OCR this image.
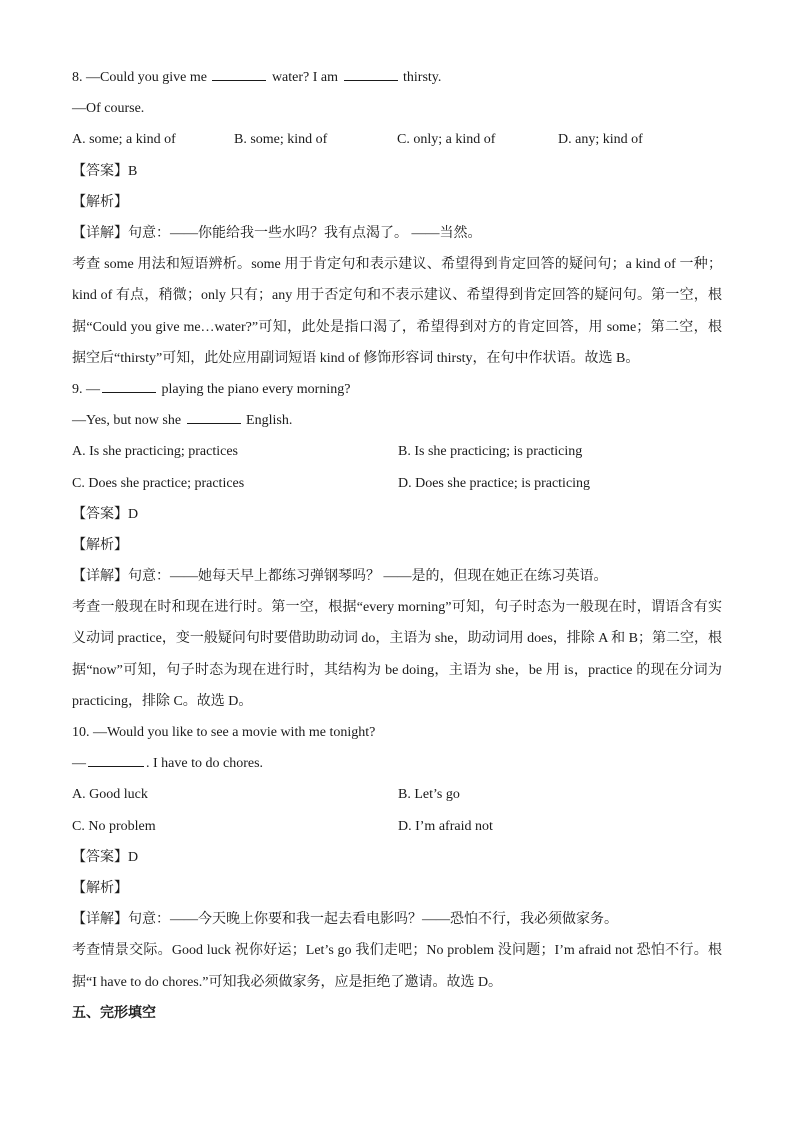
8. —Could you give me	water? I am	thirsty.
—Of course.
A. some; a kind of	B. some; kind of	C. only; a kind of	D. any; kind of
【答案】B
【解析】
【详解】句意：——你能给我一些水吗？我有点渴了。 ——当然。
考查 some 用法和短语辨析。some 用于肯定句和表示建议、希望得到肯定回答的疑问句；a kind of 一种；kind of 有点，稍微；only 只有；any 用于否定句和不表示建议、希望得到肯定回答的疑问句。第一空，根据“Could you give me…water?”可知，此处是指口渴了，希望得到对方的肯定回答，用 some；第二空，根据空后“thirsty”可知，此处应用副词短语 kind of 修饰形容词 thirsty，在句中作状语。故选 B。
9. —	playing the piano every morning?
—Yes, but now she	English.
A. Is she practicing; practices	B. Is she practicing; is practicing
C. Does she practice; practices	D. Does she practice; is practicing
【答案】D
【解析】
【详解】句意：——她每天早上都练习弹钢琴吗？ ——是的，但现在她正在练习英语。
考查一般现在时和现在进行时。第一空，根据“every morning”可知，句子时态为一般现在时，谓语含有实义动词 practice，变一般疑问句时要借助助动词 do，主语为 she，助动词用 does，排除 A 和 B；第二空，根据“now”可知，句子时态为现在进行时，其结构为 be doing，主语为 she，be 用 is，practice 的现在分词为 practicing，排除 C。故选 D。
10. —Would you like to see a movie with me tonight?
—	. I have to do chores.
A. Good luck	B. Let’s go
C. No problem	D. I’m afraid not
【答案】D
【解析】
【详解】句意：——今天晚上你要和我一起去看电影吗？——恐怕不行，我必须做家务。
考查情景交际。Good luck 祝你好运；Let’s go 我们走吧；No problem 没问题；I’m afraid not 恐怕不行。根据“I have to do chores.”可知我必须做家务，应是拒绝了邀请。故选 D。
五、完形填空
